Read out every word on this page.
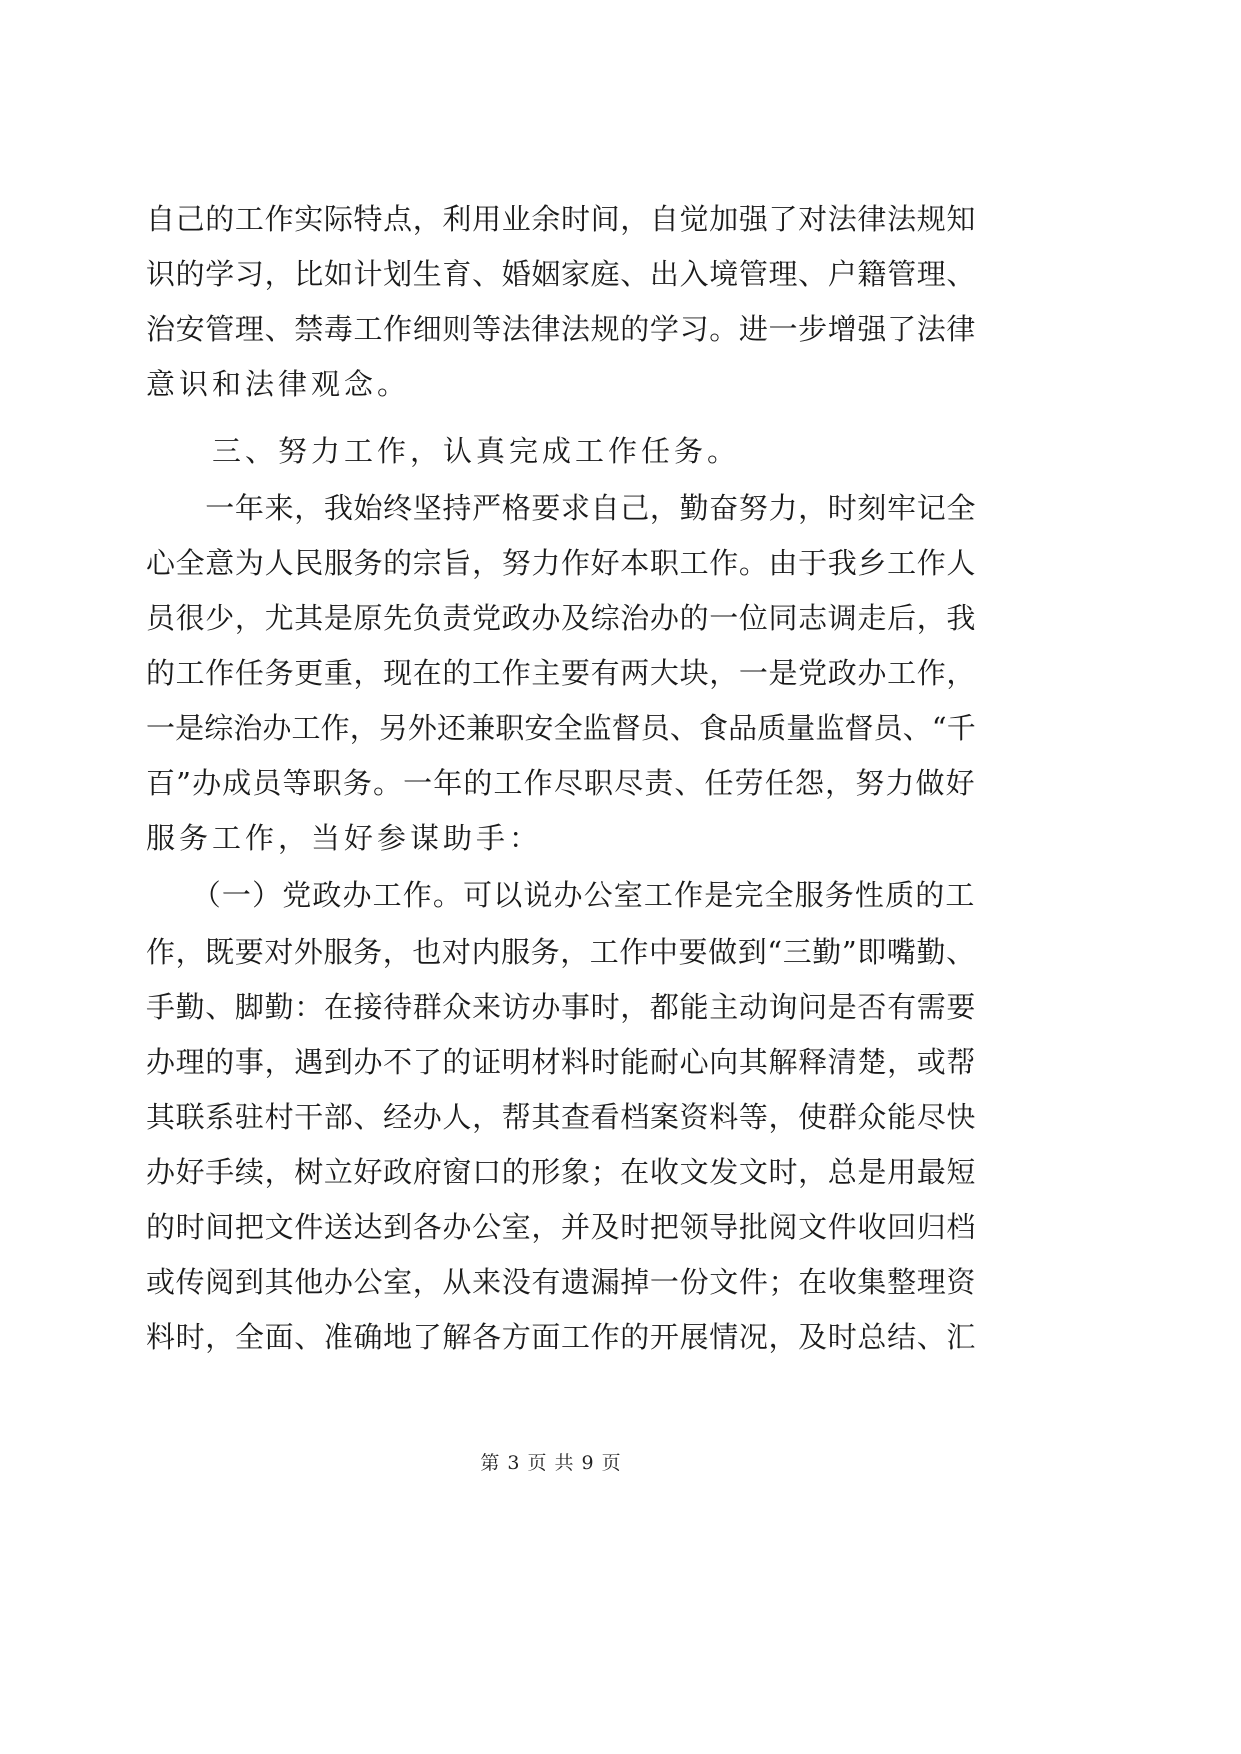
自己的工作实际特点，利用业余时间，自觉加强了对法律法规知
识的学习，比如计划生育、婚姻家庭、出入境管理、户籍管理、
治安管理、禁毒工作细则等法律法规的学习。进一步增强了法律
意识和法律观念。
　　三、努力工作，认真完成工作任务。
　　一年来，我始终坚持严格要求自己，勤奋努力，时刻牢记全
心全意为人民服务的宗旨，努力作好本职工作。由于我乡工作人
员很少，尤其是原先负责党政办及综治办的一位同志调走后，我
的工作任务更重，现在的工作主要有两大块，一是党政办工作，
一是综治办工作，另外还兼职安全监督员、食品质量监督员、“千
百”办成员等职务。一年的工作尽职尽责、任劳任怨，努力做好
服务工作，当好参谋助手：
　　（一）党政办工作。可以说办公室工作是完全服务性质的工
作，既要对外服务，也对内服务，工作中要做到“三勤”即嘴勤、
手勤、脚勤：在接待群众来访办事时，都能主动询问是否有需要
办理的事，遇到办不了的证明材料时能耐心向其解释清楚，或帮
其联系驻村干部、经办人，帮其查看档案资料等，使群众能尽快
办好手续，树立好政府窗口的形象；在收文发文时，总是用最短
的时间把文件送达到各办公室，并及时把领导批阅文件收回归档
或传阅到其他办公室，从来没有遗漏掉一份文件；在收集整理资
料时，全面、准确地了解各方面工作的开展情况，及时总结、汇
第 3 页 共 9 页
